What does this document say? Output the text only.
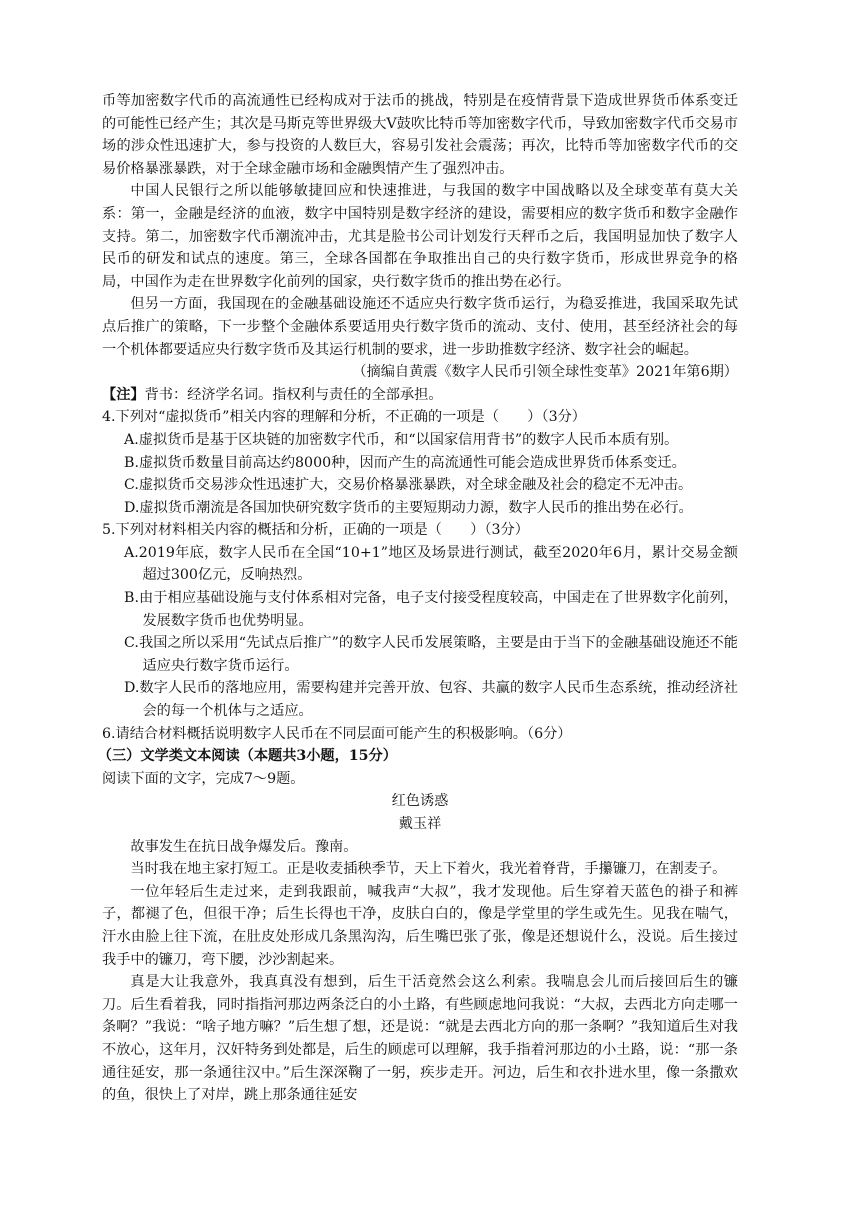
币等加密数字代币的高流通性已经构成对于法币的挑战，特别是在疫情背景下造成世界货币体系变迁的可能性已经产生；其次是马斯克等世界级大V鼓吹比特币等加密数字代币，导致加密数字代币交易市场的涉众性迅速扩大，参与投资的人数巨大，容易引发社会震荡；再次，比特币等加密数字代币的交易价格暴涨暴跌，对于全球金融市场和金融舆情产生了强烈冲击。

中国人民银行之所以能够敏捷回应和快速推进，与我国的数字中国战略以及全球变革有莫大关系：第一，金融是经济的血液，数字中国特别是数字经济的建设，需要相应的数字货币和数字金融作支持。第二，加密数字代币潮流冲击，尤其是脸书公司计划发行天秤币之后，我国明显加快了数字人民币的研发和试点的速度。第三，全球各国都在争取推出自己的央行数字货币，形成世界竞争的格局，中国作为走在世界数字化前列的国家，央行数字货币的推出势在必行。

但另一方面，我国现在的金融基础设施还不适应央行数字货币运行，为稳妥推进，我国采取先试点后推广的策略，下一步整个金融体系要适用央行数字货币的流动、支付、使用，甚至经济社会的每一个机体都要适应央行数字货币及其运行机制的要求，进一步助推数字经济、数字社会的崛起。

（摘编自黄震《数字人民币引领全球性变革》2021年第6期）

【注】背书：经济学名词。指权利与责任的全部承担。

4.下列对“虚拟货币”相关内容的理解和分析，不正确的一项是（　　）（3分）

A.虚拟货币是基于区块链的加密数字代币，和“以国家信用背书”的数字人民币本质有别。

B.虚拟货币数量目前高达约8000种，因而产生的高流通性可能会造成世界货币体系变迁。

C.虚拟货币交易涉众性迅速扩大，交易价格暴涨暴跌，对全球金融及社会的稳定不无冲击。

D.虚拟货币潮流是各国加快研究数字货币的主要短期动力源，数字人民币的推出势在必行。

5.下列对材料相关内容的概括和分析，正确的一项是（　　）（3分）

A.2019年底，数字人民币在全国“10+1”地区及场景进行测试，截至2020年6月，累计交易金额超过300亿元，反响热烈。

B.由于相应基础设施与支付体系相对完备，电子支付接受程度较高，中国走在了世界数字化前列，发展数字货币也优势明显。

C.我国之所以采用“先试点后推广”的数字人民币发展策略，主要是由于当下的金融基础设施还不能适应央行数字货币运行。

D.数字人民币的落地应用，需要构建并完善开放、包容、共赢的数字人民币生态系统，推动经济社会的每一个机体与之适应。

6.请结合材料概括说明数字人民币在不同层面可能产生的积极影响。（6分）

（三）文学类文本阅读（本题共3小题，15分）

阅读下面的文字，完成7～9题。

红色诱惑

戴玉祥

故事发生在抗日战争爆发后。豫南。

当时我在地主家打短工。正是收麦插秧季节，天上下着火，我光着脊背，手攥镰刀，在割麦子。

一位年轻后生走过来，走到我跟前，喊我声“大叔”，我才发现他。后生穿着天蓝色的褂子和裤子，都褪了色，但很干净；后生长得也干净，皮肤白白的，像是学堂里的学生或先生。见我在喘气，汗水由脸上往下流，在肚皮处形成几条黑沟沟，后生嘴巴张了张，像是还想说什么，没说。后生接过我手中的镰刀，弯下腰，沙沙割起来。

真是大让我意外，我真真没有想到，后生干活竟然会这么利索。我喘息会儿而后接回后生的镰刀。后生看着我，同时指指河那边两条泛白的小土路，有些顾虑地问我说：“大叔，去西北方向走哪一条啊？”我说：“啥子地方嘛？”后生想了想，还是说：“就是去西北方向的那一条啊？”我知道后生对我不放心，这年月，汉奸特务到处都是，后生的顾虑可以理解，我手指着河那边的小土路，说：“那一条通往延安，那一条通往汉中。”后生深深鞠了一躬，疾步走开。河边，后生和衣扑进水里，像一条撒欢的鱼，很快上了对岸，跳上那条通往延安
